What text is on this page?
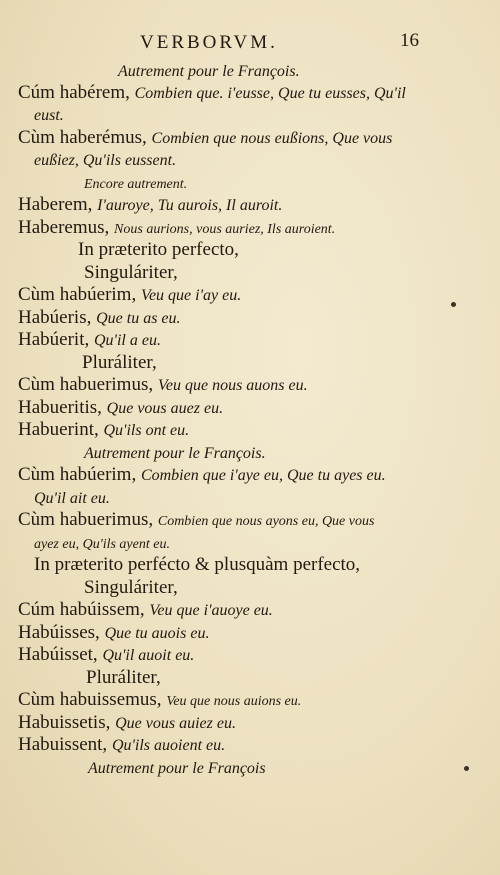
VERBORVM.	16
Autrement pour le François.
Cúm habérem, Combien que. i'eusse, Que tu eusses, Qu'il
eust.
Cùm haberémus, Combien que nous eußions, Que vous
eußiez, Qu'ils eussent.
Encore autrement.
Haberem, I'auroye, Tu aurois, Il auroit.
Haberemus, Nous aurions, vous auriez, Ils auroient.
In præterito perfecto,
Singuláriter,
Cùm habúerim, Veu que i'ay eu.
Habúeris, Que tu as eu.
Habúerit, Qu'il a eu.
Pluráliter,
Cùm habuerimus, Veu que nous auons eu.
Habueritis, Que vous auez eu.
Habuerint, Qu'ils ont eu.
Autrement pour le François.
Cùm habúerim, Combien que i'aye eu, Que tu ayes eu.
Qu'il ait eu.
Cùm habuerimus, Combien que nous ayons eu, Que vous
ayez eu, Qu'ils ayent eu.
In præterito perfécto & plusquàm perfecto,
Singuláriter,
Cúm habúissem, Veu que i'auoye eu.
Habúisses, Que tu auois eu.
Habúisset, Qu'il auoit eu.
Pluráliter,
Cùm habuissemus, Veu que nous auions eu.
Habuissetis, Que vous auiez eu.
Habuissent, Qu'ils auoient eu.
Autrement pour le François
